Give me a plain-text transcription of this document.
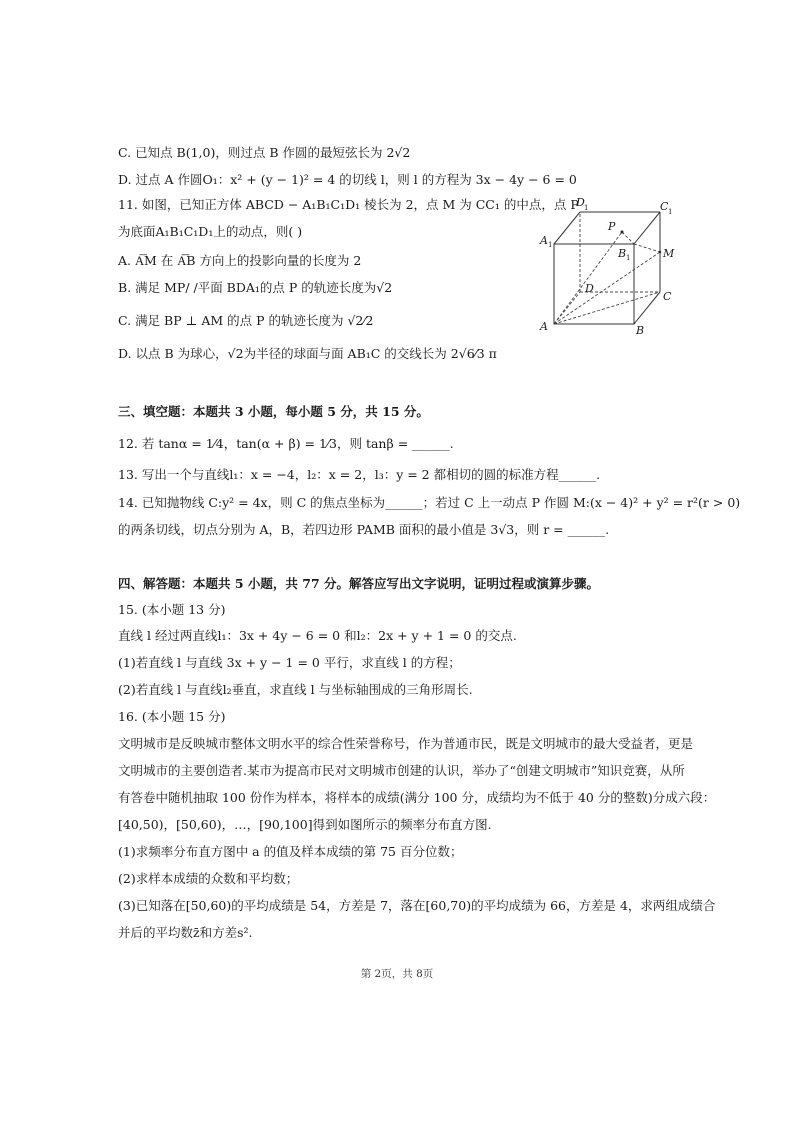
C. 已知点 B(1,0)，则过点 B 作圆的最短弦长为 2√2
D. 过点 A 作圆O₁：x² + (y − 1)² = 4 的切线 l，则 l 的方程为 3x − 4y − 6 = 0
11. 如图，已知正方体 ABCD − A₁B₁C₁D₁ 棱长为 2，点 M 为 CC₁ 的中点，点 P
为底面A₁B₁C₁D₁上的动点，则( )
A. A͞M 在 A͞B 方向上的投影向量的长度为 2
B. 满足 MP/ /平面 BDA₁的点 P 的轨迹长度为√2
C. 满足 BP ⊥ AM 的点 P 的轨迹长度为 √2⁄2
D. 以点 B 为球心，√2为半径的球面与面 AB₁C 的交线长为 2√6⁄3 π
A	B
C
D
A 1
B 1
C 1
D 1
P
M
三、填空题：本题共 3 小题，每小题 5 分，共 15 分。
12. 若 tanα = 1⁄4，tan(α + β) = 1⁄3，则 tanβ = ______.
13. 写出一个与直线l₁：x = −4，l₂：x = 2，l₃：y = 2 都相切的圆的标准方程______.
14. 已知抛物线 C:y² = 4x，则 C 的焦点坐标为______；若过 C 上一动点 P 作圆 M:(x − 4)² + y² = r²(r > 0)
的两条切线，切点分别为 A，B，若四边形 PAMB 面积的最小值是 3√3，则 r = ______.
四、解答题：本题共 5 小题，共 77 分。解答应写出文字说明，证明过程或演算步骤。
15. (本小题 13 分)
直线 l 经过两直线l₁：3x + 4y − 6 = 0 和l₂：2x + y + 1 = 0 的交点.
(1)若直线 l 与直线 3x + y − 1 = 0 平行，求直线 l 的方程；
(2)若直线 l 与直线l₂垂直，求直线 l 与坐标轴围成的三角形周长.
16. (本小题 15 分)
文明城市是反映城市整体文明水平的综合性荣誉称号，作为普通市民，既是文明城市的最大受益者，更是
文明城市的主要创造者.某市为提高市民对文明城市创建的认识，举办了“创建文明城市”知识竞赛，从所
有答卷中随机抽取 100 份作为样本，将样本的成绩(满分 100 分，成绩均为不低于 40 分的整数)分成六段：
[40,50)，[50,60)，…，[90,100]得到如图所示的频率分布直方图.
(1)求频率分布直方图中 a 的值及样本成绩的第 75 百分位数；
(2)求样本成绩的众数和平均数；
(3)已知落在[50,60)的平均成绩是 54，方差是 7，落在[60,70)的平均成绩为 66，方差是 4，求两组成绩合
并后的平均数z̄和方差s².
第 2页，共 8页
